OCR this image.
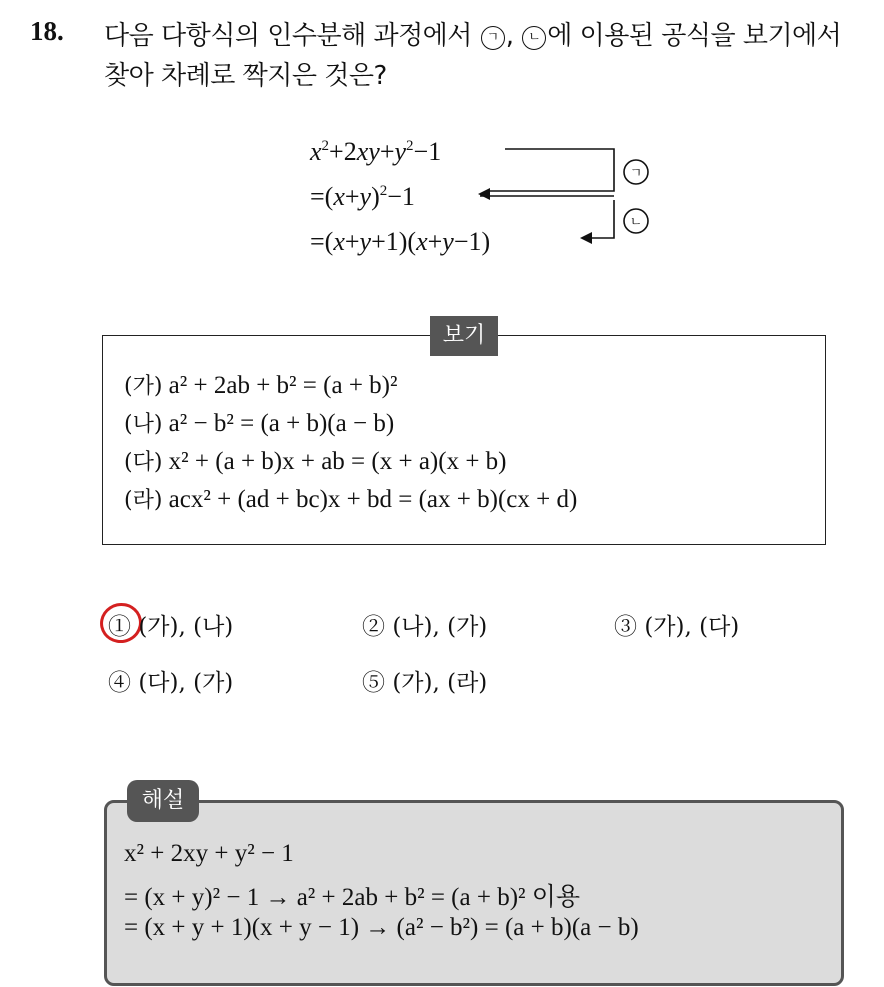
18. 다음 다항식의 인수분해 과정에서 ㄱ , ㄴ 에 이용된 공식을 보기에서
찾아 차례로 짝지은 것은?
$x^2+2xy+y^2-1$
$=(x+y)^2-1$
=(x+y+1)(x+y−1)
ㄱ
ㄴ
보기
(가) a² + 2ab + b² = (a + b)²
(나) a² − b² = (a + b)(a − b)
(다) x² + (a + b)x + ab = (x + a)(x + b)
(라) acx² + (ad + bc)x + bd = (ax + b)(cx + d)
① (가), (나)	② (나), (가)	③ (가), (다)
④ (다), (가)	⑤ (가), (라)
해설
x² + 2xy + y² − 1
= (x + y)² − 1 → a² + 2ab + b² = (a + b)² 이용
= (x + y + 1)(x + y − 1) → (a² − b²) = (a + b)(a − b)
